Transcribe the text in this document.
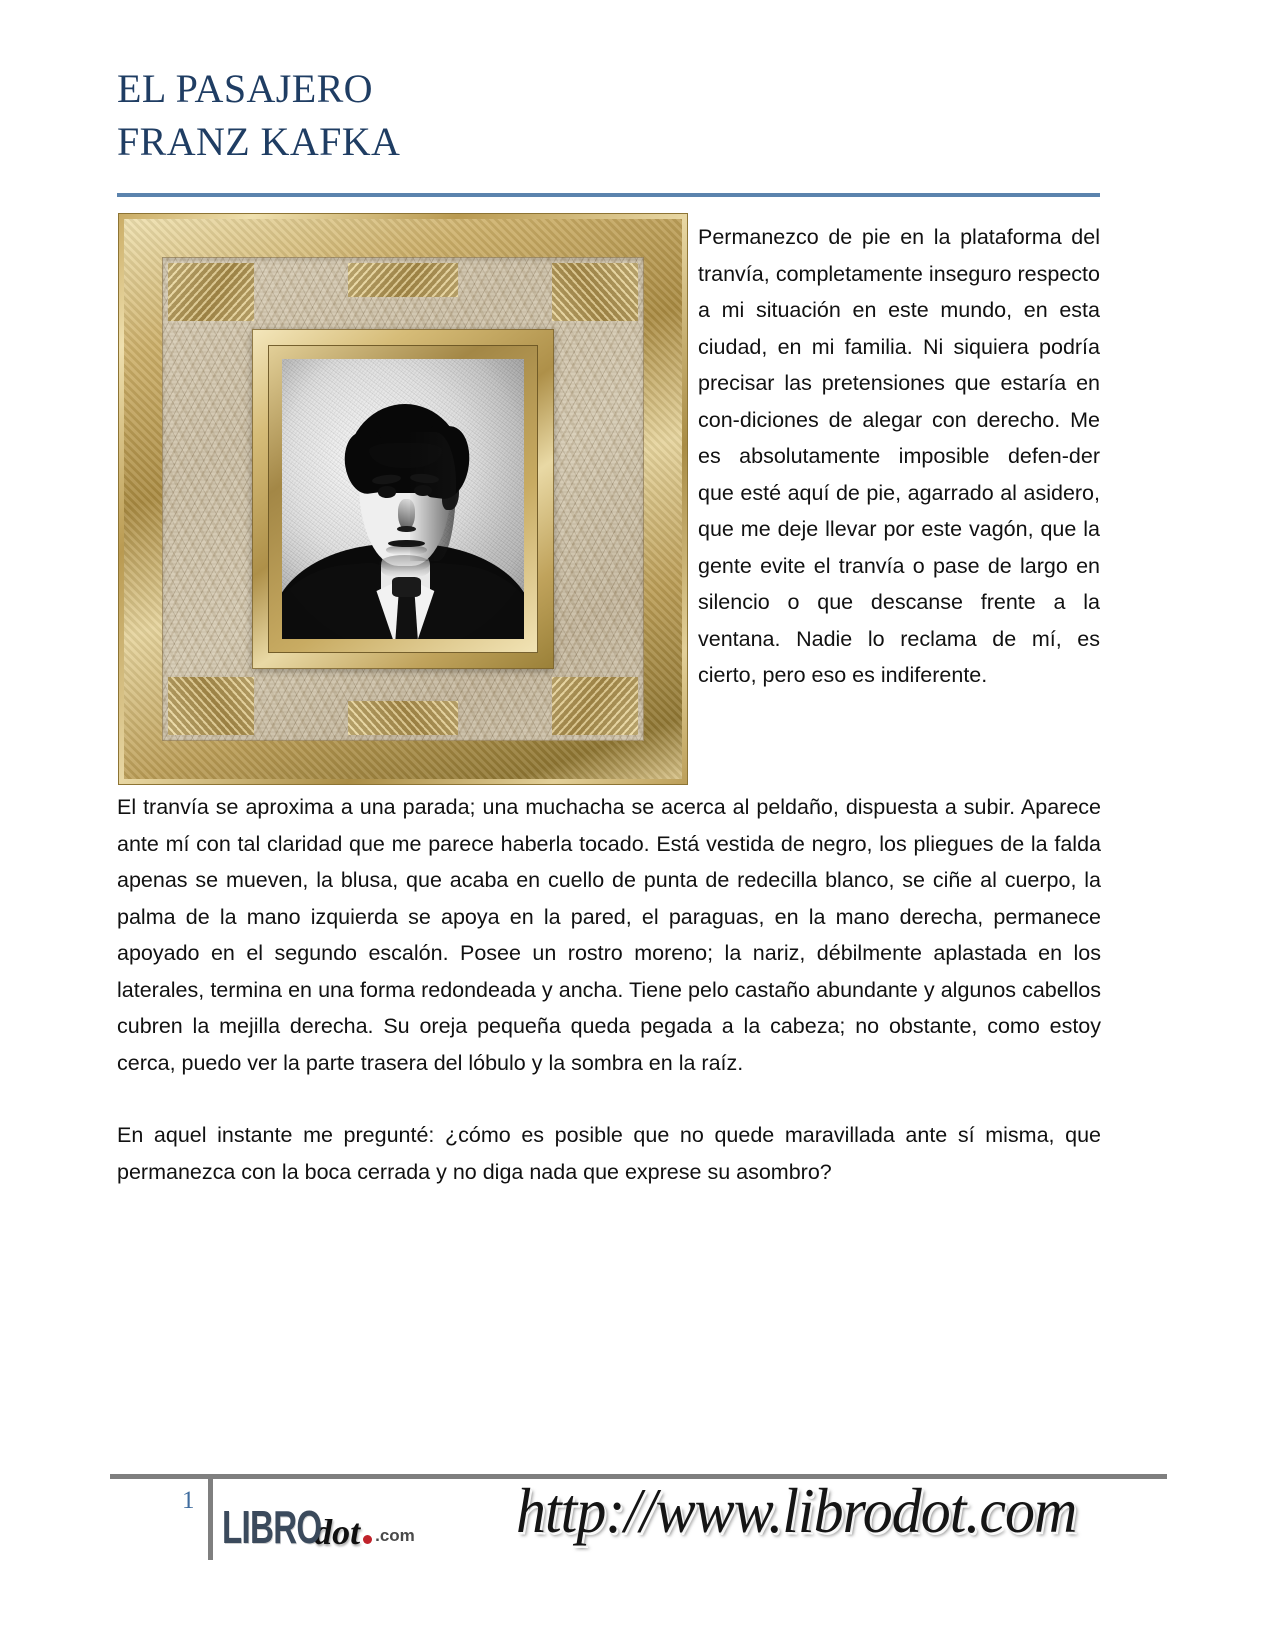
EL PASAJERO
FRANZ KAFKA
Permanezco de pie en la plataforma del tranvía, completamente inseguro respecto a mi situación en este mundo, en esta ciudad, en mi familia. Ni siquiera podría precisar las pretensiones que estaría en con-diciones de alegar con derecho. Me es absolutamente imposible defen-der que esté aquí de pie, agarrado al asidero, que me deje llevar por este vagón, que la gente evite el tranvía o pase de largo en silencio o que descanse frente a la ventana. Nadie lo reclama de mí, es cierto, pero eso es indiferente.
El tranvía se aproxima a una parada; una muchacha se acerca al peldaño, dispuesta a subir. Aparece ante mí con tal claridad que me parece haberla tocado. Está vestida de negro, los pliegues de la falda apenas se mueven, la blusa, que acaba en cuello de punta de redecilla blanco, se ciñe al cuerpo, la palma de la mano izquierda se apoya en la pared, el paraguas, en la mano derecha, permanece apoyado en el segundo escalón. Posee un rostro moreno; la nariz, débilmente aplastada en los laterales, termina en una forma redondeada y ancha. Tiene pelo castaño abundante y algunos cabellos cubren la mejilla derecha. Su oreja pequeña queda pegada a la cabeza; no obstante, como estoy cerca, puedo ver la parte trasera del lóbulo y la sombra en la raíz.
En aquel instante me pregunté: ¿cómo es posible que no quede maravillada ante sí misma, que permanezca con la boca cerrada y no diga nada que exprese su asombro?
1
LIBRO
dot .com http://www.librodot.com
